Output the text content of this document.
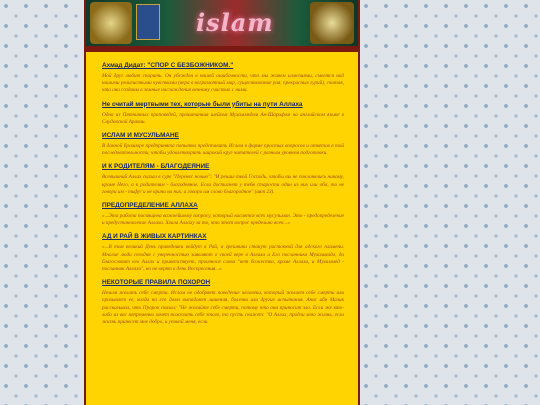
islam
Ахмад Дидат: "СПОР С БЕЗБОЖНИКОМ."

Мой друг любит спорить. Он убежден в нашей ошибочности, что мы живем иллюзиями, смеется над нашими религиозными чувствами (вера в неграмотный мир, существование рая, прекрасных гурий), считая, что они созданы в земные наслаждения вечному счастью с ними.

Не считай мертвыми тех, которые были убиты на пути Аллаха

Одна из Пятничных проповедей, прочитанная шейхом Мухаммедом Ан-Шарифом на английском языке в Саудовской Аравии.

ИСЛАМ И МУСУЛЬМАНЕ

В данной брошюре предпринята попытка представить Ислам в форме простых вопросов и ответов в той последовательности, чтобы удовлетворить широкий круг читателей с разным уровнем подготовки.

И К РОДИТЕЛЯМ - БЛАГОДЕЯНИЕ

Всевышний Аллах сказал в суре "Перенес ночью": "И решил твой Господь, чтобы вы не поклонялись никому, кроме Него, а к родителям - благодеяние. Если достигнет у тебя старости один из них или оба, то не говори им - тьфу! и не кричи на них, а говори им слово благородное" (аят 23).

ПРЕДОПРЕДЕЛЕНИЕ АЛЛАХА

«...Эта работа посвящена важнейшему вопросу, который касается всех мусульман. Это - предопределение и предустановление Аллаха. Хвала Аллаху за то, что этот вопрос предельно ясен...»

АД И РАЙ В ЖИВЫХ КАРТИНКАХ

«...В том великий День праведники войдут в Рай, а грешники станут растопкой для адского пламени. Многие люди сегодня с уверенностью заявляют о своей вере в Аллаха и Его посланника Мухаммада, да благословит его Аллах и приветствует, произнося слова "нет божества, кроме Аллаха, и Мухаммед - посланник Аллаха", но не верят в день Воскресения...»

НЕКОТОРЫЕ ПРАВИЛА ПОХОРОН

Нельзя желать себе смерти. Ислам не одобряет поведение человека, который желает себе смерти или призывает ее, когда на его долю выпадают лишения, болезни или другие испытания. Анас ибн Малик рассказывал, что Пророк сказал: "Не желайте себе смерти, потому что она приносит зло. Если же кто-либо из вас непременно хочет пожелать себе этого, то пусть скажет: "О Аллах, продли мою жизнь, если жизнь принесет мне добро, и упокой меня, если
